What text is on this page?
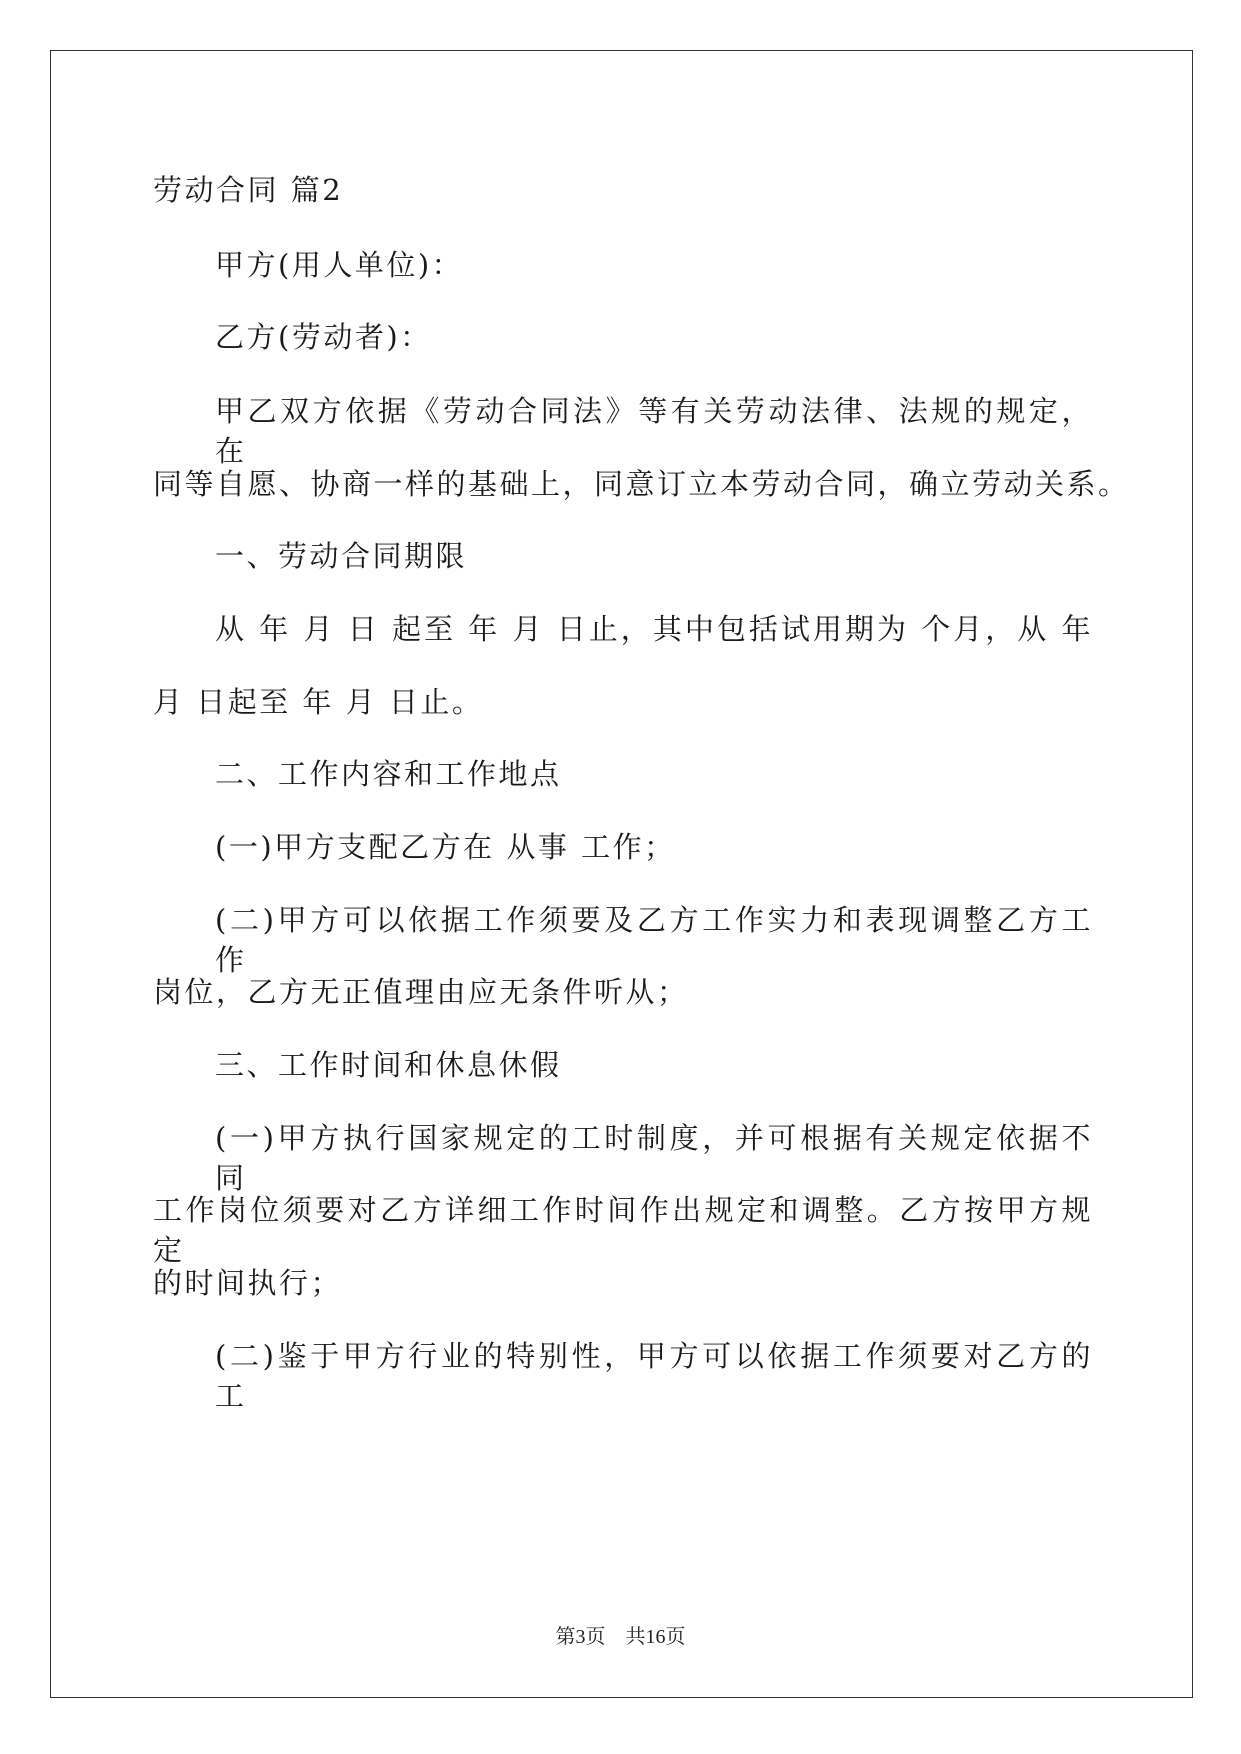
劳动合同 篇2
甲方(用人单位)：
乙方(劳动者)：
甲乙双方依据《劳动合同法》等有关劳动法律、法规的规定，在
同等自愿、协商一样的基础上，同意订立本劳动合同，确立劳动关系。
一、劳动合同期限
从 年 月 日 起至 年 月 日止，其中包括试用期为 个月，从 年
月 日起至 年 月 日止。
二、工作内容和工作地点
(一)甲方支配乙方在 从事 工作；
(二)甲方可以依据工作须要及乙方工作实力和表现调整乙方工作
岗位，乙方无正值理由应无条件听从；
三、工作时间和休息休假
(一)甲方执行国家规定的工时制度，并可根据有关规定依据不同
工作岗位须要对乙方详细工作时间作出规定和调整。乙方按甲方规定
的时间执行；
(二)鉴于甲方行业的特别性，甲方可以依据工作须要对乙方的工
第3页　共16页
